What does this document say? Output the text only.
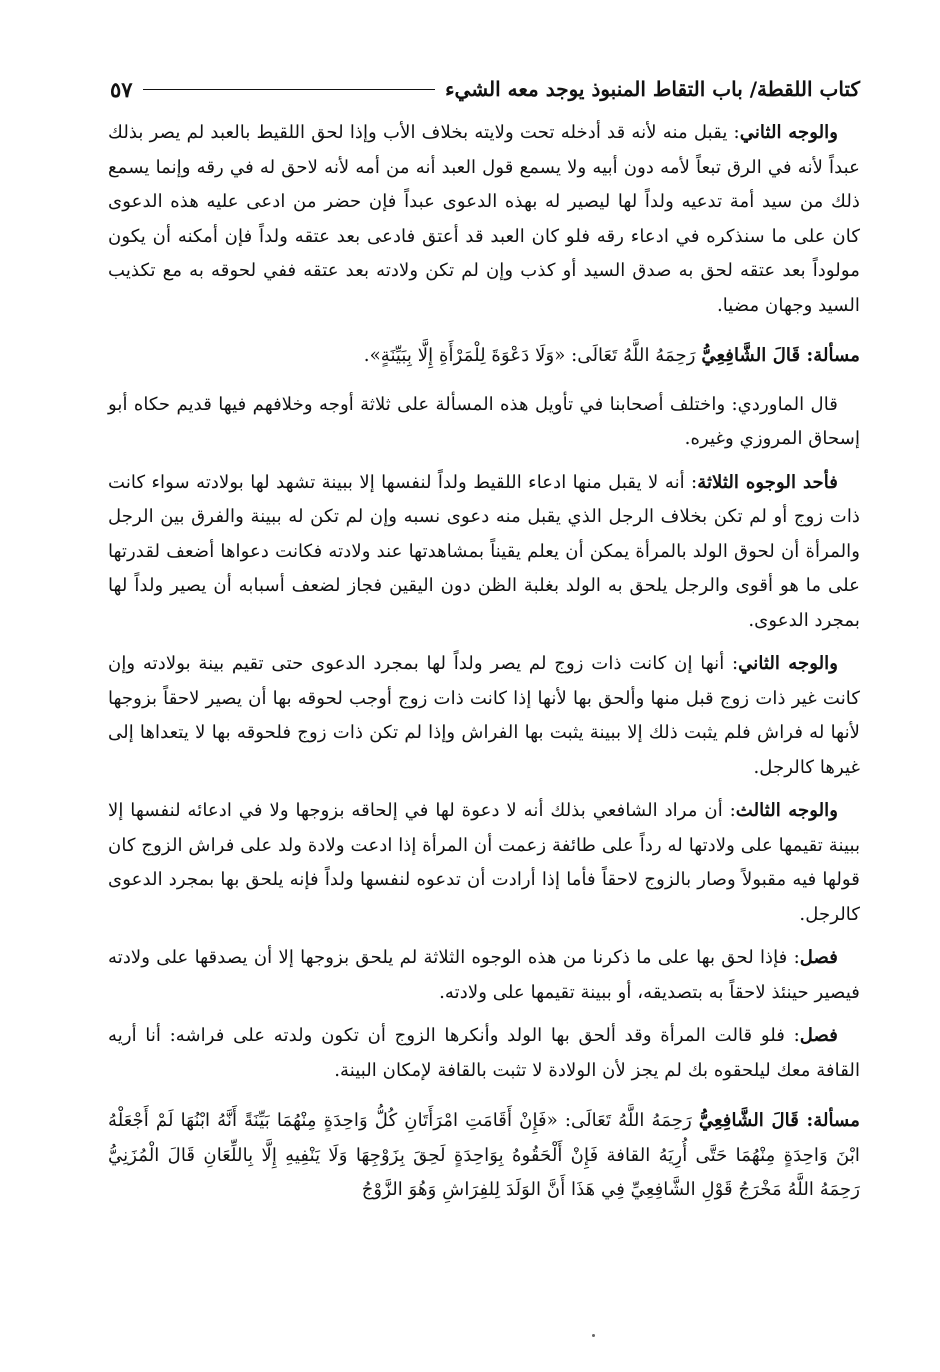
كتاب اللقطة/ باب التقاط المنبوذ يوجد معه الشيء
٥٧

والوجه الثاني: يقبل منه لأنه قد أدخله تحت ولايته بخلاف الأب وإذا لحق اللقيط بالعبد لم يصر بذلك عبداً لأنه في الرق تبعاً لأمه دون أبيه ولا يسمع قول العبد أنه من أمه لأنه لاحق له في رقه وإنما يسمع ذلك من سيد أمة تدعيه ولداً لها ليصير له بهذه الدعوى عبداً فإن حضر من ادعى عليه هذه الدعوى كان على ما سنذكره في ادعاء رقه فلو كان العبد قد أعتق فادعى بعد عتقه ولداً فإن أمكنه أن يكون مولوداً بعد عتقه لحق به صدق السيد أو كذب وإن لم تكن ولادته بعد عتقه ففي لحوقه به مع تكذيب السيد وجهان مضيا.

مسألة: قَالَ الشَّافِعِيُّ رَحِمَهُ اللَّهُ تَعَالَى: «وَلَا دَعْوَةَ لِلْمَرْأَةِ إِلَّا بِبَيِّنَةٍ».

قال الماوردي: واختلف أصحابنا في تأويل هذه المسألة على ثلاثة أوجه وخلافهم فيها قديم حكاه أبو إسحاق المروزي وغيره.

فأحد الوجوه الثلاثة: أنه لا يقبل منها ادعاء اللقيط ولداً لنفسها إلا ببينة تشهد لها بولادته سواء كانت ذات زوج أو لم تكن بخلاف الرجل الذي يقبل منه دعوى نسبه وإن لم تكن له ببينة والفرق بين الرجل والمرأة أن لحوق الولد بالمرأة يمكن أن يعلم يقيناً بمشاهدتها عند ولادته فكانت دعواها أضعف لقدرتها على ما هو أقوى والرجل يلحق به الولد بغلبة الظن دون اليقين فجاز لضعف أسبابه أن يصير ولداً لها بمجرد الدعوى.

والوجه الثاني: أنها إن كانت ذات زوج لم يصر ولداً لها بمجرد الدعوى حتى تقيم بينة بولادته وإن كانت غير ذات زوج قبل منها وألحق بها لأنها إذا كانت ذات زوج أوجب لحوقه بها أن يصير لاحقاً بزوجها لأنها له فراش فلم يثبت ذلك إلا ببينة يثبت بها الفراش وإذا لم تكن ذات زوج فلحوقه بها لا يتعداها إلى غيرها كالرجل.

والوجه الثالث: أن مراد الشافعي بذلك أنه لا دعوة لها في إلحاقه بزوجها ولا في ادعائه لنفسها إلا ببينة تقيمها على ولادتها له رداً على طائفة زعمت أن المرأة إذا ادعت ولادة ولد على فراش الزوج كان قولها فيه مقبولاً وصار بالزوج لاحقاً فأما إذا أرادت أن تدعوه لنفسها ولداً فإنه يلحق بها بمجرد الدعوى كالرجل.

فصل: فإذا لحق بها على ما ذكرنا من هذه الوجوه الثلاثة لم يلحق بزوجها إلا أن يصدقها على ولادته فيصير حينئذ لاحقاً به بتصديقه، أو ببينة تقيمها على ولادته.

فصل: فلو قالت المرأة وقد ألحق بها الولد وأنكرها الزوج أن تكون ولدته على فراشه: أنا أريه القافة معك ليلحقوه بك لم يجز لأن الولادة لا تثبت بالقافة لإمكان البينة.

مسألة: قَالَ الشَّافِعِيُّ رَحِمَهُ اللَّهُ تَعَالَى: «فَإِنْ أَقَامَتِ امْرَأَتَانِ كُلُّ وَاحِدَةٍ مِنْهُمَا بَيِّنَةً أَنَّهُ ابْنُهَا لَمْ أَجْعَلْهُ ابْنَ وَاحِدَةٍ مِنْهُمَا حَتَّى أُرِيَهُ القافة فَإِنْ أَلْحَقُوهُ بِوَاحِدَةٍ لَحِقَ بِزَوْجِهَا وَلَا يَنْفِيهِ إِلَّا بِاللِّعَانِ قَالَ الْمُزَنِيُّ رَحِمَهُ اللَّهُ مَخْرَجُ قَوْلِ الشَّافِعِيِّ فِي هَذَا أَنَّ الوَلَدَ لِلفِرَاشِ وَهُوَ الزَّوْجُ
